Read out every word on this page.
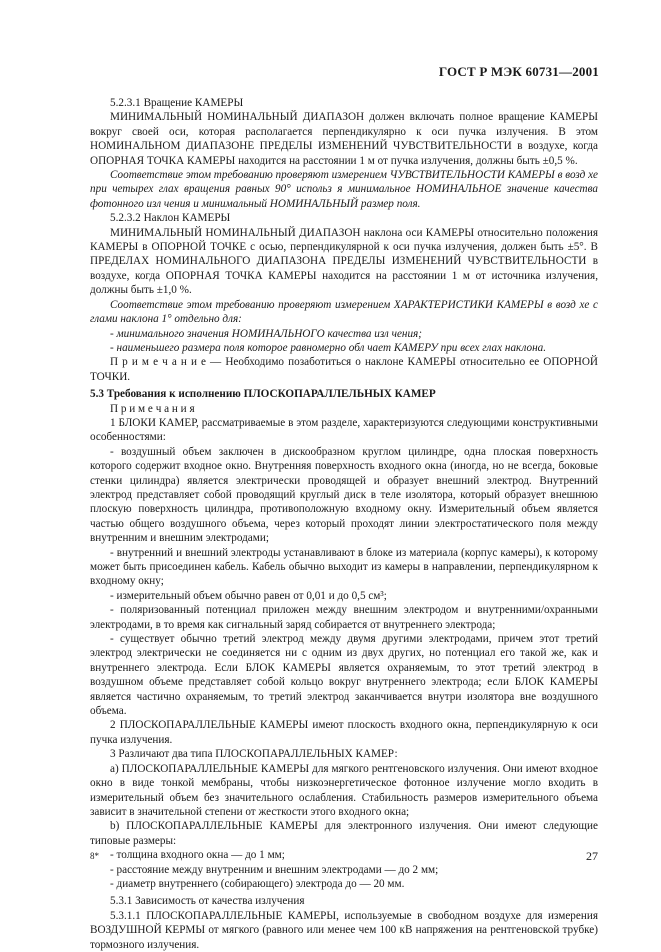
ГОСТ Р МЭК 60731—2001

5.2.3.1 Вращение КАМЕРЫ

МИНИМАЛЬНЫЙ НОМИНАЛЬНЫЙ ДИАПАЗОН должен включать полное вращение КАМЕРЫ вокруг своей оси, которая располагается перпендикулярно к оси пучка излучения. В этом НОМИНАЛЬНОМ ДИАПАЗОНЕ ПРЕДЕЛЫ ИЗМЕНЕНИЙ ЧУВСТВИТЕЛЬНОСТИ в воздухе, когда ОПОРНАЯ ТОЧКА КАМЕРЫ находится на расстоянии 1 м от пучка излучения, должны быть ±0,5 %.

Соответствие этом требованию проверяют измерением ЧУВСТВИТЕЛЬНОСТИ КАМЕРЫ в возд хе при четырех глах вращения равных 90° использ я минимальное НОМИНАЛЬНОЕ значение качества фотонного изл чения и минимальный НОМИНАЛЬНЫЙ размер поля.

5.2.3.2 Наклон КАМЕРЫ

МИНИМАЛЬНЫЙ НОМИНАЛЬНЫЙ ДИАПАЗОН наклона оси КАМЕРЫ относительно положения КАМЕРЫ в ОПОРНОЙ ТОЧКЕ с осью, перпендикулярной к оси пучка излучения, должен быть ±5°. В ПРЕДЕЛАХ НОМИНАЛЬНОГО ДИАПАЗОНА ПРЕДЕЛЫ ИЗМЕНЕНИЙ ЧУВСТВИТЕЛЬНОСТИ в воздухе, когда ОПОРНАЯ ТОЧКА КАМЕРЫ находится на расстоянии 1 м от источника излучения, должны быть ±1,0 %.

Соответствие этом требованию проверяют измерением ХАРАКТЕРИСТИКИ КАМЕРЫ в возд хе с глами наклона 1° отдельно для:

- минимального значения НОМИНАЛЬНОГО качества изл чения;

- наименьшего размера поля которое равномерно обл чает КАМЕРУ при всех глах наклона.

П р и м е ч а н и е — Необходимо позаботиться о наклоне КАМЕРЫ относительно ее ОПОРНОЙ ТОЧКИ.

5.3 Требования к исполнению ПЛОСКОПАРАЛЛЕЛЬНЫХ КАМЕР

П р и м е ч а н и я

1 БЛОКИ КАМЕР, рассматриваемые в этом разделе, характеризуются следующими конструктивными особенностями:

- воздушный объем заключен в дискообразном круглом цилиндре, одна плоская поверхность которого содержит входное окно. Внутренняя поверхность входного окна (иногда, но не всегда, боковые стенки цилиндра) является электрически проводящей и образует внешний электрод. Внутренний электрод представляет собой проводящий круглый диск в теле изолятора, который образует внешнюю плоскую поверхность цилиндра, противоположную входному окну. Измерительный объем является частью общего воздушного объема, через который проходят линии электростатического поля между внутренним и внешним электродами;

- внутренний и внешний электроды устанавливают в блоке из материала (корпус камеры), к которому может быть присоединен кабель. Кабель обычно выходит из камеры в направлении, перпендикулярном к входному окну;

- измерительный объем обычно равен от 0,01 и до 0,5 см³;

- поляризованный потенциал приложен между внешним электродом и внутренними/охранными электродами, в то время как сигнальный заряд собирается от внутреннего электрода;

- существует обычно третий электрод между двумя другими электродами, причем этот третий электрод электрически не соединяется ни с одним из двух других, но потенциал его такой же, как и внутреннего электрода. Если БЛОК КАМЕРЫ является охраняемым, то этот третий электрод в воздушном объеме представляет собой кольцо вокруг внутреннего электрода; если БЛОК КАМЕРЫ является частично охраняемым, то третий электрод заканчивается внутри изолятора вне воздушного объема.

2 ПЛОСКОПАРАЛЛЕЛЬНЫЕ КАМЕРЫ имеют плоскость входного окна, перпендикулярную к оси пучка излучения.

3 Различают два типа ПЛОСКОПАРАЛЛЕЛЬНЫХ КАМЕР:

а) ПЛОСКОПАРАЛЛЕЛЬНЫЕ КАМЕРЫ для мягкого рентгеновского излучения. Они имеют входное окно в виде тонкой мембраны, чтобы низкоэнергетическое фотонное излучение могло входить в измерительный объем без значительного ослабления. Стабильность размеров измерительного объема зависит в значительной степени от жесткости этого входного окна;

b) ПЛОСКОПАРАЛЛЕЛЬНЫЕ КАМЕРЫ для электронного излучения. Они имеют следующие типовые размеры:

- толщина входного окна — до 1 мм;

- расстояние между внутренним и внешним электродами — до 2 мм;

- диаметр внутреннего (собирающего) электрода до — 20 мм.

5.3.1 Зависимость от качества излучения

5.3.1.1 ПЛОСКОПАРАЛЛЕЛЬНЫЕ КАМЕРЫ, используемые в свободном воздухе для измерения ВОЗДУШНОЙ КЕРМЫ от мягкого (равного или менее чем 100 кВ напряжения на рентгеновской трубке) тормозного излучения.

8*	27
